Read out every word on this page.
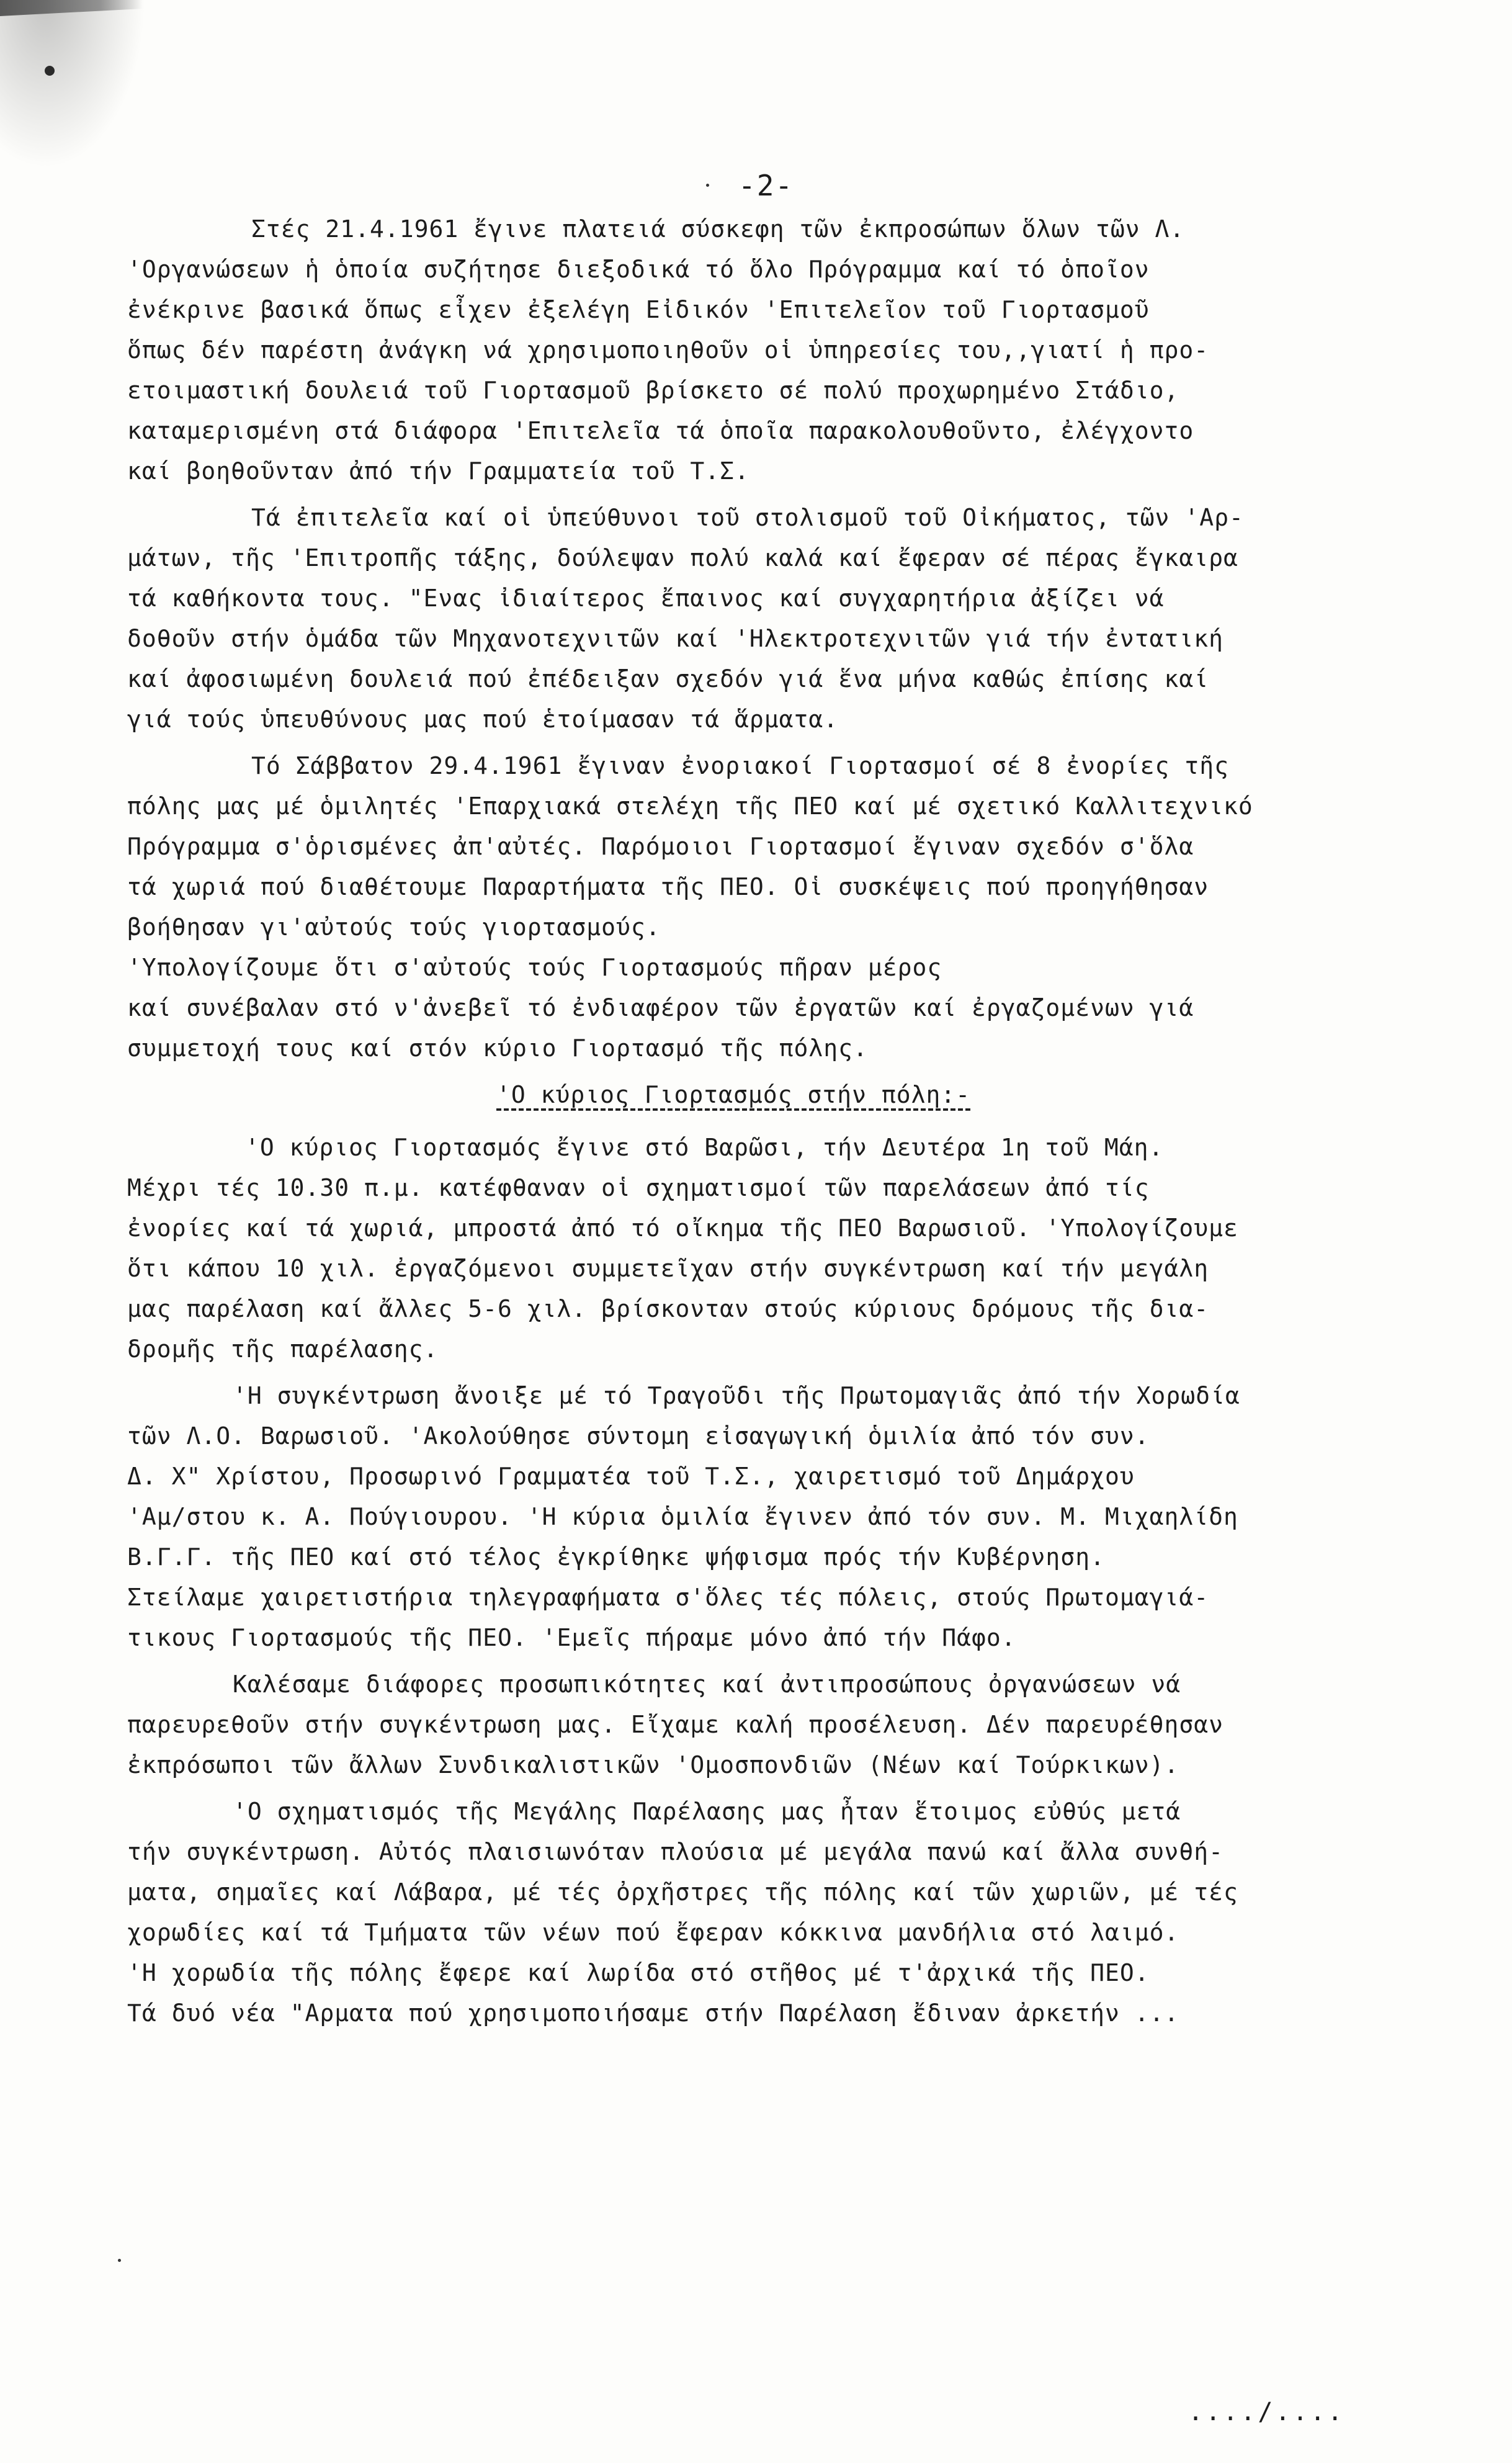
-2-
Στές 21.4.1961 ἔγινε πλατειά σύσκεφη τῶν ἐκπροσώπων ὅλων τῶν Λ.
'Οργανώσεων ἡ ὁποία συζήτησε διεξοδικά τό ὅλο Πρόγραμμα καί τό ὁποῖον
ἐνέκρινε βασικά ὅπως εἶχεν ἐξελέγη Εἰδικόν 'Επιτελεῖον τοῦ Γιορτασμοῦ
ὅπως δέν παρέστη ἀνάγκη νά χρησιμοποιηθοῦν οἱ ὑπηρεσίες του,,γιατί ἡ προ-
ετοιμαστική δουλειά τοῦ Γιορτασμοῦ βρίσκετο σέ πολύ προχωρημένο Στάδιο,
καταμερισμένη στά διάφορα 'Επιτελεῖα τά ὁποῖα παρακολουθοῦντο, ἐλέγχοντο
καί βοηθοῦνταν ἀπό τήν Γραμματεία τοῦ Τ.Σ.
Τά ἐπιτελεῖα καί οἱ ὑπεύθυνοι τοῦ στολισμοῦ τοῦ Οἰκήματος, τῶν 'Αρ-
μάτων, τῆς 'Επιτροπῆς τάξης, δούλεψαν πολύ καλά καί ἔφεραν σέ πέρας ἔγκαιρα
τά καθήκοντα τους. "Ενας ἰδιαίτερος ἔπαινος καί συγχαρητήρια ἀξίζει νά
δοθοῦν στήν ὁμάδα τῶν Μηχανοτεχνιτῶν καί 'Ηλεκτροτεχνιτῶν γιά τήν ἐντατική
καί ἀφοσιωμένη δουλειά πού ἐπέδειξαν σχεδόν γιά ἕνα μήνα καθώς ἐπίσης καί
γιά τούς ὑπευθύνους μας πού ἑτοίμασαν τά ἅρματα.
Τό Σάββατον 29.4.1961 ἔγιναν ἐνοριακοί Γιορτασμοί σέ 8 ἐνορίες τῆς
πόλης μας μέ ὁμιλητές 'Επαρχιακά στελέχη τῆς ΠΕΟ καί μέ σχετικό Καλλιτεχνικό
Πρόγραμμα σ'ὁρισμένες ἀπ'αὐτές. Παρόμοιοι Γιορτασμοί ἔγιναν σχεδόν σ'ὅλα
τά χωριά πού διαθέτουμε Παραρτήματα τῆς ΠΕΟ. Οἱ συσκέψεις πού προηγήθησαν
βοήθησαν γι'αὐτούς τούς γιορτασμούς.
'Υπολογίζουμε ὅτι σ'αὐτούς τούς Γιορτασμούς πῆραν μέρος
καί συνέβαλαν στό ν'ἀνεβεῖ τό ἐνδιαφέρον τῶν ἐργατῶν καί ἐργαζομένων γιά
συμμετοχή τους καί στόν κύριο Γιορτασμό τῆς πόλης.
'Ο κύριος Γιορτασμός στήν πόλη:-
'Ο κύριος Γιορτασμός ἔγινε στό Βαρῶσι, τήν Δευτέρα 1η τοῦ Μάη.
Μέχρι τές 10.30 π.μ. κατέφθαναν οἱ σχηματισμοί τῶν παρελάσεων ἀπό τίς
ἐνορίες καί τά χωριά, μπροστά ἀπό τό οἴκημα τῆς ΠΕΟ Βαρωσιοῦ. 'Υπολογίζουμε
ὅτι κάπου 10 χιλ. ἐργαζόμενοι συμμετεῖχαν στήν συγκέντρωση καί τήν μεγάλη
μας παρέλαση καί ἄλλες 5-6 χιλ. βρίσκονταν στούς κύριους δρόμους τῆς δια-
δρομῆς τῆς παρέλασης.
'Η συγκέντρωση ἄνοιξε μέ τό Τραγοῦδι τῆς Πρωτομαγιᾶς ἀπό τήν Χορωδία
τῶν Λ.Ο. Βαρωσιοῦ. 'Ακολούθησε σύντομη εἰσαγωγική ὁμιλία ἀπό τόν συν.
Δ. Χ" Χρίστου, Προσωρινό Γραμματέα τοῦ Τ.Σ., χαιρετισμό τοῦ Δημάρχου
'Αμ/στου κ. Α. Πούγιουρου. 'Η κύρια ὁμιλία ἔγινεν ἀπό τόν συν. Μ. Μιχαηλίδη
Β.Γ.Γ. τῆς ΠΕΟ καί στό τέλος ἐγκρίθηκε ψήφισμα πρός τήν Κυβέρνηση.
Στείλαμε χαιρετιστήρια τηλεγραφήματα σ'ὅλες τές πόλεις, στούς Πρωτομαγιά-
τικους Γιορτασμούς τῆς ΠΕΟ. 'Εμεῖς πήραμε μόνο ἀπό τήν Πάφο.
Καλέσαμε διάφορες προσωπικότητες καί ἀντιπροσώπους ὀργανώσεων νά
παρευρεθοῦν στήν συγκέντρωση μας. Εἴχαμε καλή προσέλευση. Δέν παρευρέθησαν
ἐκπρόσωποι τῶν ἄλλων Συνδικαλιστικῶν 'Ομοσπονδιῶν (Νέων καί Τούρκικων).
'Ο σχηματισμός τῆς Μεγάλης Παρέλασης μας ἦταν ἕτοιμος εὐθύς μετά
τήν συγκέντρωση. Αὐτός πλαισιωνόταν πλούσια μέ μεγάλα πανώ καί ἄλλα συνθή-
ματα, σημαῖες καί Λάβαρα, μέ τές ὀρχῆστρες τῆς πόλης καί τῶν χωριῶν, μέ τές
χορωδίες καί τά Τμήματα τῶν νέων πού ἔφεραν κόκκινα μανδήλια στό λαιμό.
'Η χορωδία τῆς πόλης ἔφερε καί λωρίδα στό στῆθος μέ τ'ἀρχικά τῆς ΠΕΟ.
Τά δυό νέα "Αρματα πού χρησιμοποιήσαμε στήν Παρέλαση ἔδιναν ἀρκετήν ...
..../....
